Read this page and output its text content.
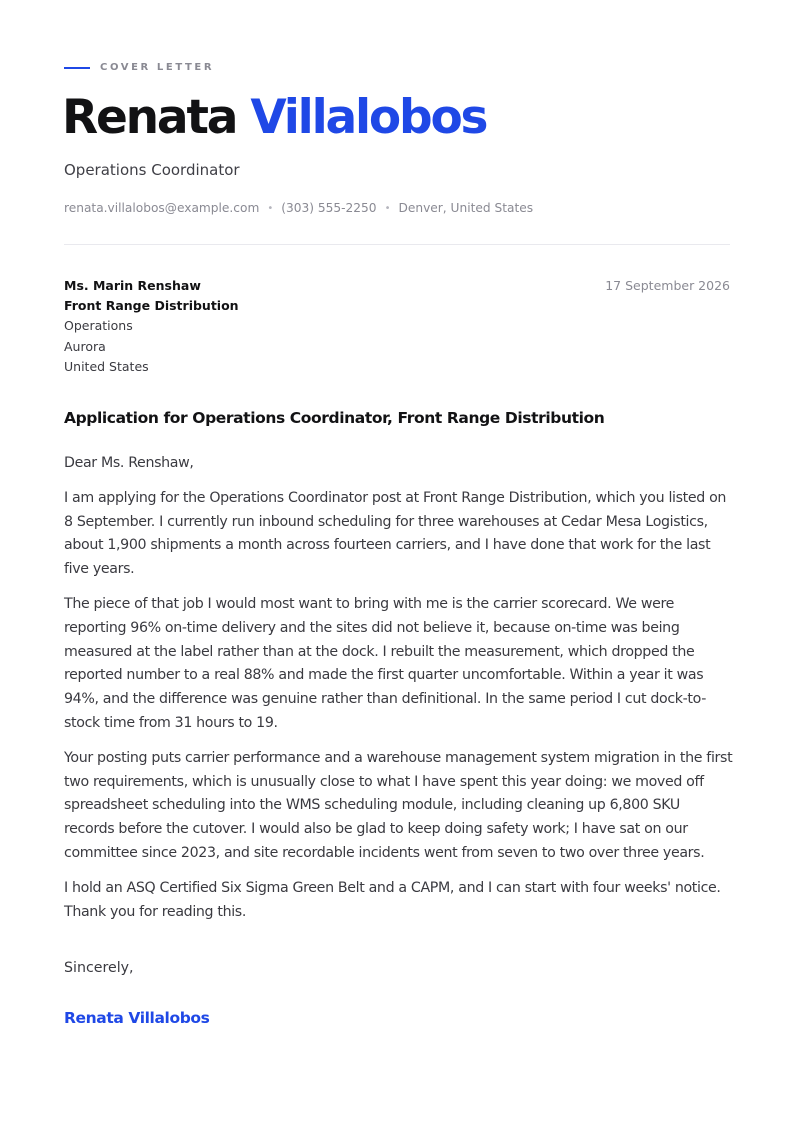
COVER LETTER
Renata Villalobos
Operations Coordinator
renata.villalobos@example.com • (303) 555-2250 • Denver, United States
Ms. Marin Renshaw
Front Range Distribution
Operations
Aurora
United States
17 September 2026
Application for Operations Coordinator, Front Range Distribution

Dear Ms. Renshaw,

I am applying for the Operations Coordinator post at Front Range Distribution, which you listed on 8 September. I currently run inbound scheduling for three warehouses at Cedar Mesa Logistics, about 1,900 shipments a month across fourteen carriers, and I have done that work for the last five years.

The piece of that job I would most want to bring with me is the carrier scorecard. We were reporting 96% on-time delivery and the sites did not believe it, because on-time was being measured at the label rather than at the dock. I rebuilt the measurement, which dropped the reported number to a real 88% and made the first quarter uncomfortable. Within a year it was 94%, and the difference was genuine rather than definitional. In the same period I cut dock-to-stock time from 31 hours to 19.

Your posting puts carrier performance and a warehouse management system migration in the first two requirements, which is unusually close to what I have spent this year doing: we moved off spreadsheet scheduling into the WMS scheduling module, including cleaning up 6,800 SKU records before the cutover. I would also be glad to keep doing safety work; I have sat on our committee since 2023, and site recordable incidents went from seven to two over three years.

I hold an ASQ Certified Six Sigma Green Belt and a CAPM, and I can start with four weeks' notice. Thank you for reading this.

Sincerely,
Renata Villalobos
